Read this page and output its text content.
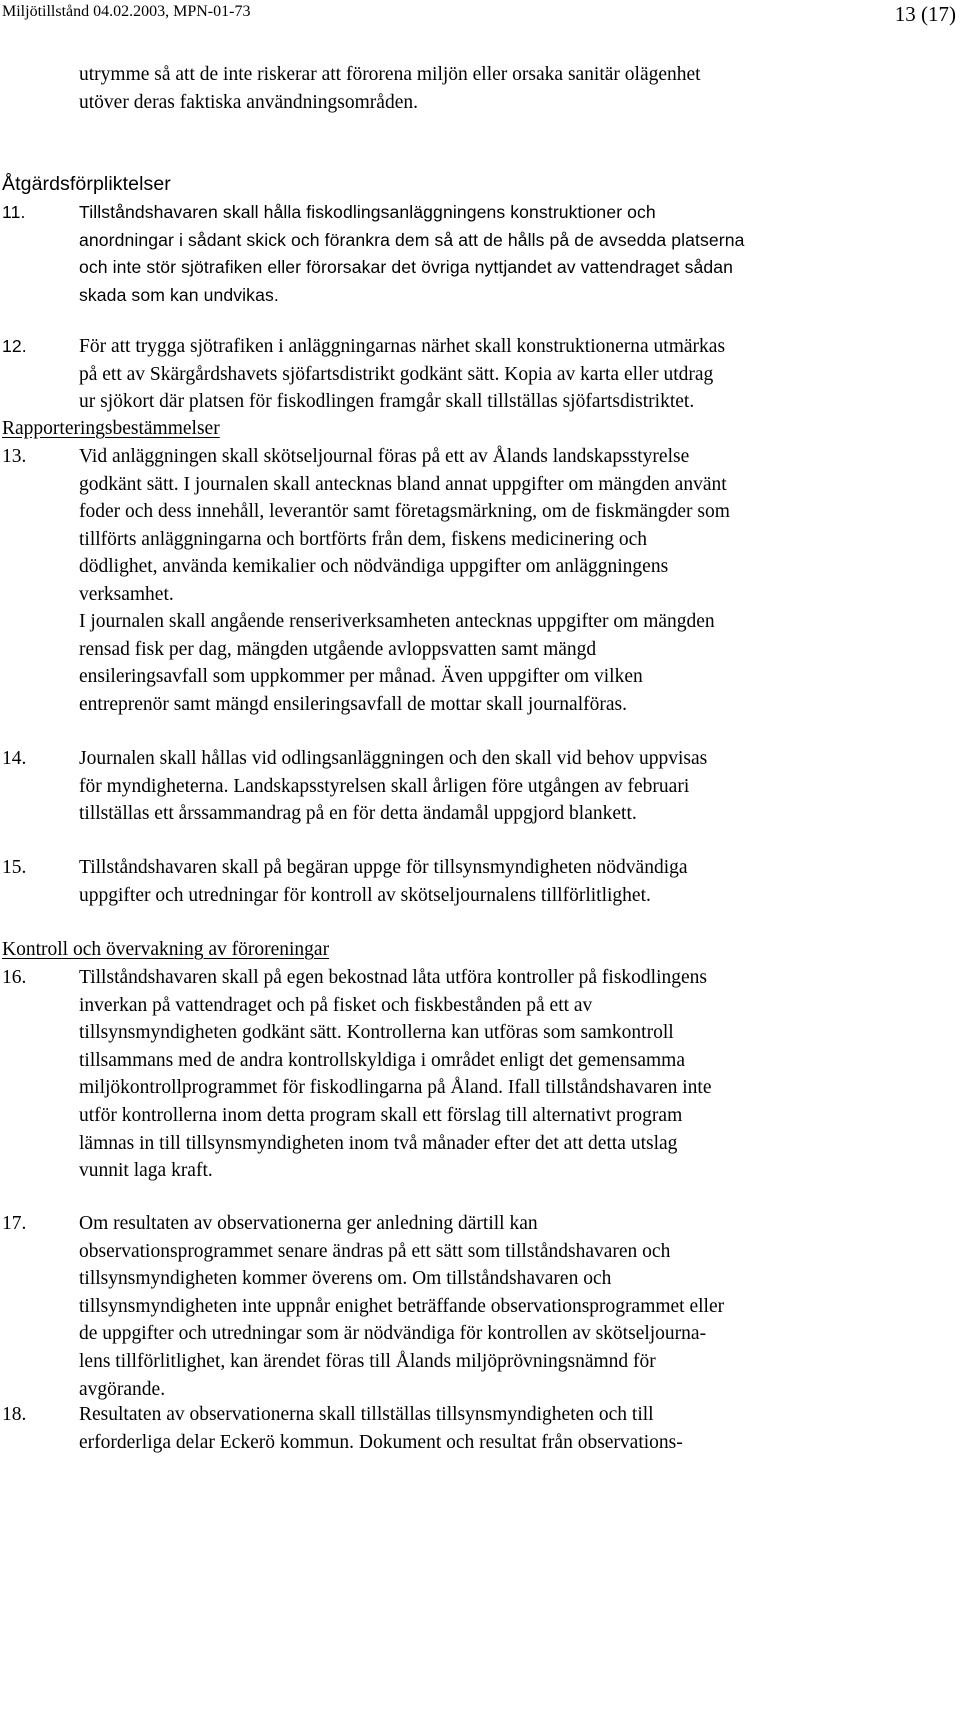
Miljötillstånd 04.02.2003, MPN-01-73	13 (17)
utrymme så att de inte riskerar att förorena miljön eller orsaka sanitär olägenhet
utöver deras faktiska användningsområden.
Åtgärdsförpliktelser
11.	Tillståndshavaren skall hålla fiskodlingsanläggningens konstruktioner och
anordningar i sådant skick och förankra dem så att de hålls på de avsedda platserna
och inte stör sjötrafiken eller förorsakar det övriga nyttjandet av vattendraget sådan
skada som kan undvikas.
12.	För att trygga sjötrafiken i anläggningarnas närhet skall konstruktionerna utmärkas
på ett av Skärgårdshavets sjöfartsdistrikt godkänt sätt. Kopia av karta eller utdrag
ur sjökort där platsen för fiskodlingen framgår skall tillställas sjöfartsdistriktet.
Rapporteringsbestämmelser
13.	Vid anläggningen skall skötseljournal föras på ett av Ålands landskapsstyrelse
godkänt sätt. I journalen skall antecknas bland annat uppgifter om mängden använt
foder och dess innehåll, leverantör samt företagsmärkning, om de fiskmängder som
tillförts anläggningarna och bortförts från dem, fiskens medicinering och
dödlighet, använda kemikalier och nödvändiga uppgifter om anläggningens
verksamhet.
I journalen skall angående renseriverksamheten antecknas uppgifter om mängden
rensad fisk per dag, mängden utgående avloppsvatten samt mängd
ensileringsavfall som uppkommer per månad. Även uppgifter om vilken
entreprenör samt mängd ensileringsavfall de mottar skall journalföras.
14.	Journalen skall hållas vid odlingsanläggningen och den skall vid behov uppvisas
för myndigheterna. Landskapsstyrelsen skall årligen före utgången av februari
tillställas ett årssammandrag på en för detta ändamål uppgjord blankett.
15.	Tillståndshavaren skall på begäran uppge för tillsynsmyndigheten nödvändiga
uppgifter och utredningar för kontroll av skötseljournalens tillförlitlighet.
Kontroll och övervakning av föroreningar
16.	Tillståndshavaren skall på egen bekostnad låta utföra kontroller på fiskodlingens
inverkan på vattendraget och på fisket och fiskbestånden på ett av
tillsynsmyndigheten godkänt sätt. Kontrollerna kan utföras som samkontroll
tillsammans med de andra kontrollskyldiga i området enligt det gemensamma
miljökontrollprogrammet för fiskodlingarna på Åland. Ifall tillståndshavaren inte
utför kontrollerna inom detta program skall ett förslag till alternativt program
lämnas in till tillsynsmyndigheten inom två månader efter det att detta utslag
vunnit laga kraft.
17.	Om resultaten av observationerna ger anledning därtill kan
observationsprogrammet senare ändras på ett sätt som tillståndshavaren och
tillsynsmyndigheten kommer överens om. Om tillståndshavaren och
tillsynsmyndigheten inte uppnår enighet beträffande observationsprogrammet eller
de uppgifter och utredningar som är nödvändiga för kontrollen av skötseljourna-
lens tillförlitlighet, kan ärendet föras till Ålands miljöprövningsnämnd för
avgörande.
18.	Resultaten av observationerna skall tillställas tillsynsmyndigheten och till
erforderliga delar Eckerö kommun. Dokument och resultat från observations-
